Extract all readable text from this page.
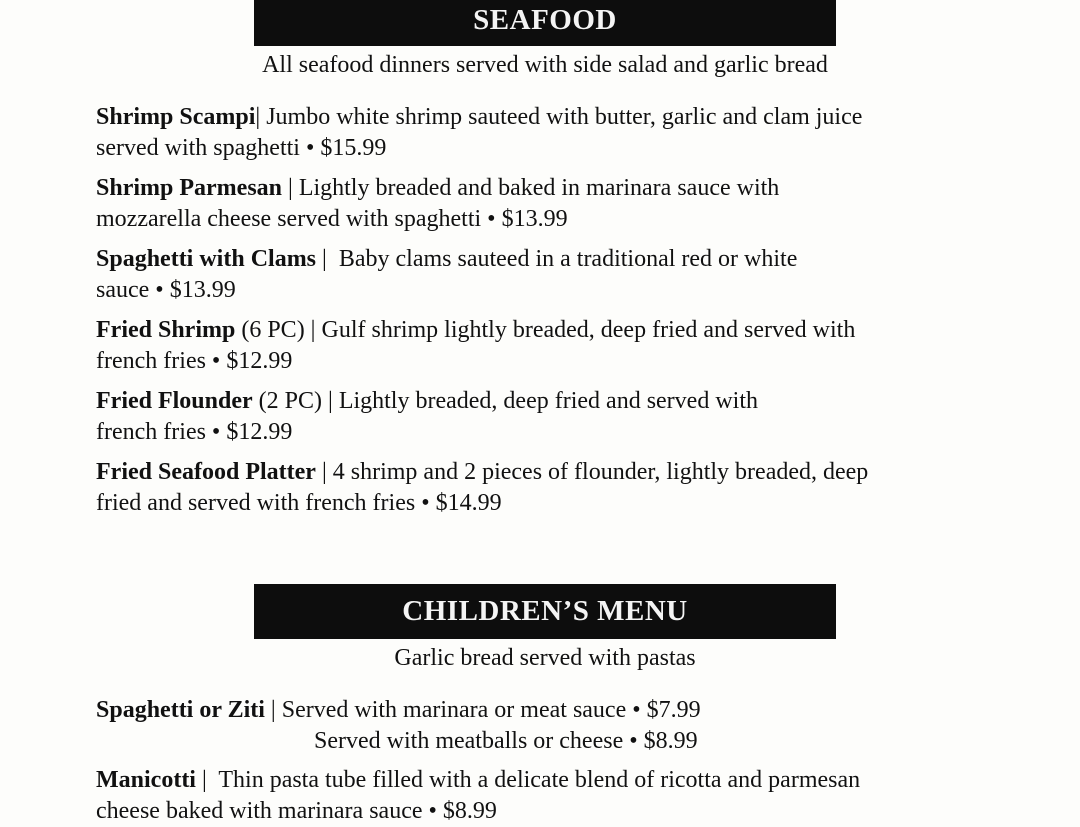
SEAFOOD
All seafood dinners served with side salad and garlic bread
Shrimp Scampi| Jumbo white shrimp sauteed with butter, garlic and clam juice
served with spaghetti • $15.99
Shrimp Parmesan | Lightly breaded and baked in marinara sauce with
mozzarella cheese served with spaghetti • $13.99
Spaghetti with Clams |  Baby clams sauteed in a traditional red or white
sauce • $13.99
Fried Shrimp (6 PC) | Gulf shrimp lightly breaded, deep fried and served with
french fries • $12.99
Fried Flounder (2 PC) | Lightly breaded, deep fried and served with
french fries • $12.99
Fried Seafood Platter | 4 shrimp and 2 pieces of flounder, lightly breaded, deep
fried and served with french fries • $14.99
CHILDREN’S MENU
Garlic bread served with pastas
Spaghetti or Ziti | Served with marinara or meat sauce • $7.99
Served with meatballs or cheese • $8.99
Manicotti |  Thin pasta tube filled with a delicate blend of ricotta and parmesan
cheese baked with marinara sauce • $8.99
